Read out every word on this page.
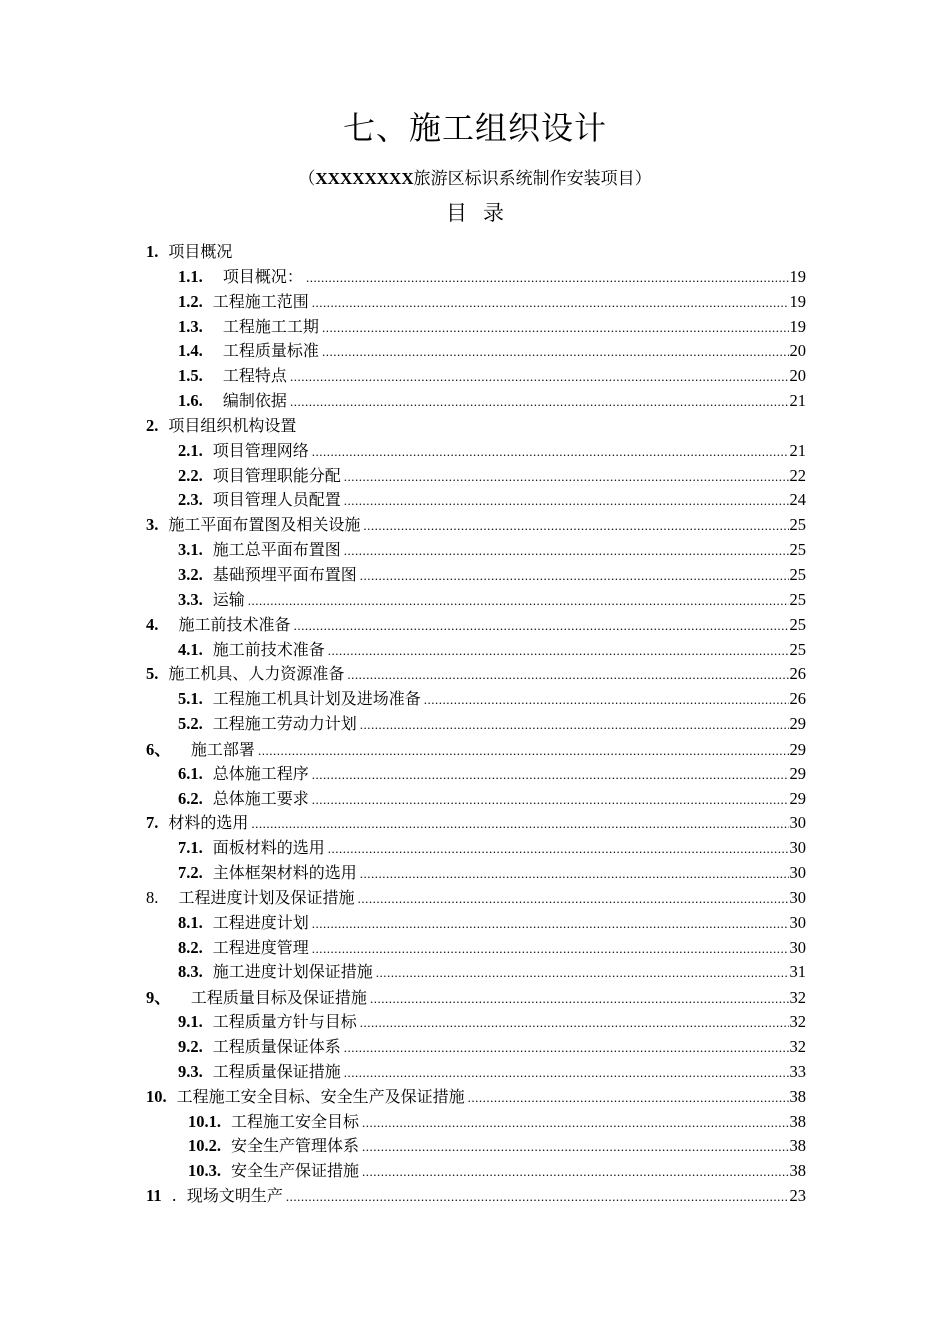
七、施工组织设计
（XXXXXXXX旅游区标识系统制作安装项目）
目 录
1. 项目概况
1.1. 项目概况： .....	19
1.2. 工程施工范围 .....	19
1.3. 工程施工工期 .....	19
1.4. 工程质量标准 .....	20
1.5. 工程特点 .....	20
1.6. 编制依据 .....	21
2. 项目组织机构设置
2.1. 项目管理网络 .....	21
2.2. 项目管理职能分配 .....	22
2.3. 项目管理人员配置 .....	24
3. 施工平面布置图及相关设施 .....	25
3.1. 施工总平面布置图 .....	25
3.2. 基础预埋平面布置图 .....	25
3.3. 运输 .....	25
4. 施工前技术准备 .....	25
4.1. 施工前技术准备 .....	25
5. 施工机具、人力资源准备 .....	26
5.1. 工程施工机具计划及进场准备 .....	26
5.2. 工程施工劳动力计划 .....	29
6、 施工部署 .....	29
6.1. 总体施工程序 .....	29
6.2. 总体施工要求 .....	29
7. 材料的选用 .....	30
7.1. 面板材料的选用 .....	30
7.2. 主体框架材料的选用 .....	30
8. 工程进度计划及保证措施 .....	30
8.1. 工程进度计划 .....	30
8.2. 工程进度管理 .....	30
8.3. 施工进度计划保证措施 .....	31
9、 工程质量目标及保证措施 .....	32
9.1. 工程质量方针与目标 .....	32
9.2. 工程质量保证体系 .....	32
9.3. 工程质量保证措施 .....	33
10. 工程施工安全目标、安全生产及保证措施 .....	38
10.1. 工程施工安全目标 .....	38
10.2. 安全生产管理体系 .....	38
10.3. 安全生产保证措施 .....	38
11 .  现场文明生产 .....	23
